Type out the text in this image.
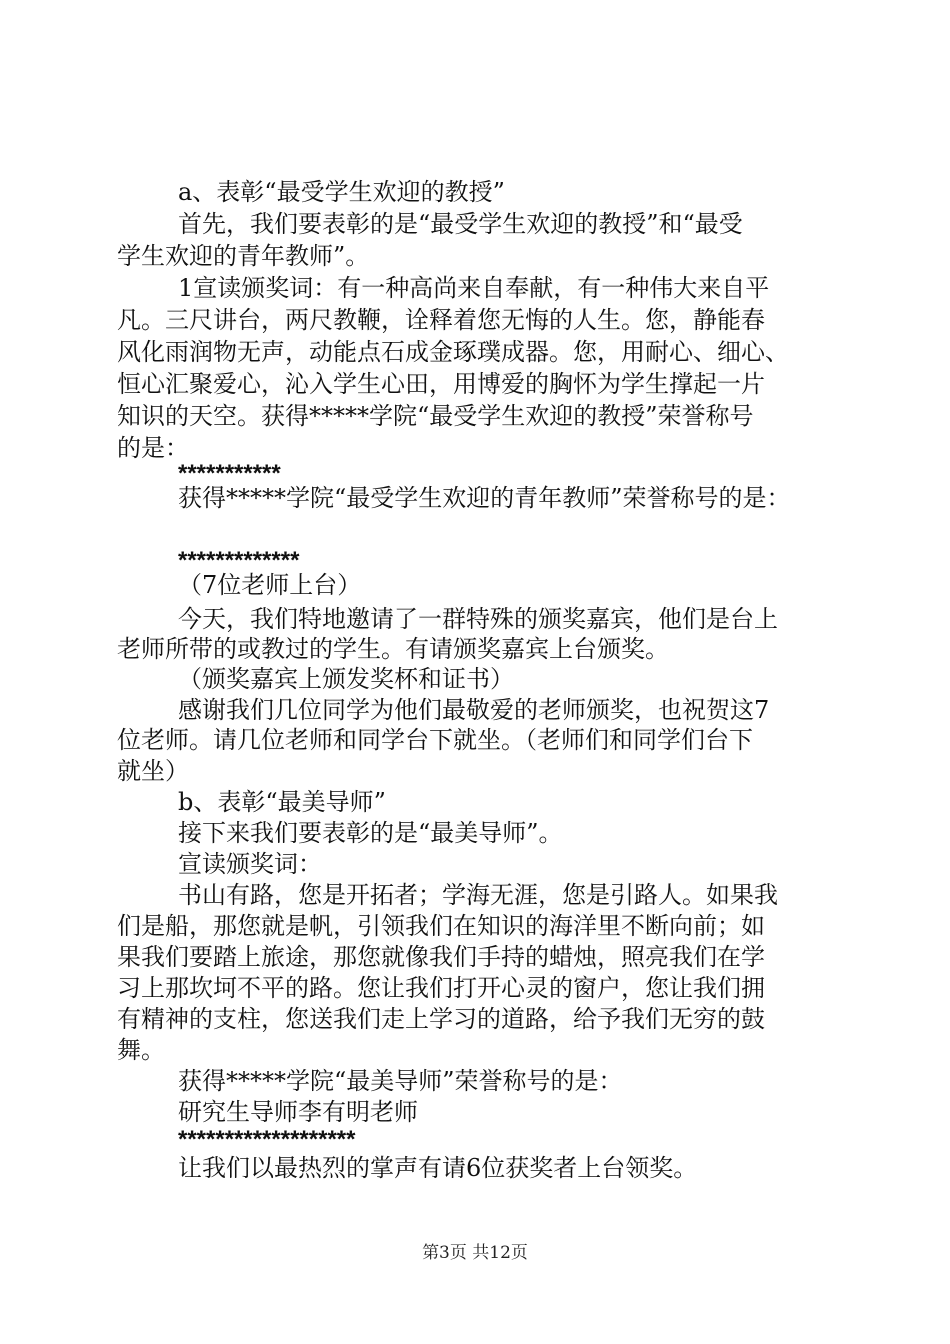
a、表彰“最受学生欢迎的教授”

首先，我们要表彰的是“最受学生欢迎的教授”和“最受

学生欢迎的青年教师”。

1宣读颁奖词：有一种高尚来自奉献，有一种伟大来自平

凡。三尺讲台，两尺教鞭，诠释着您无悔的人生。您，静能春

风化雨润物无声，动能点石成金琢璞成器。您，用耐心、细心、

恒心汇聚爱心，沁入学生心田，用博爱的胸怀为学生撑起一片

知识的天空。获得*****学院“最受学生欢迎的教授”荣誉称号

的是：

***********

获得*****学院“最受学生欢迎的青年教师”荣誉称号的是：

*************

（7位老师上台）

今天，我们特地邀请了一群特殊的颁奖嘉宾，他们是台上

老师所带的或教过的学生。有请颁奖嘉宾上台颁奖。

（颁奖嘉宾上颁发奖杯和证书）

感谢我们几位同学为他们最敬爱的老师颁奖，也祝贺这7

位老师。请几位老师和同学台下就坐。（老师们和同学们台下

就坐）

b、表彰“最美导师”

接下来我们要表彰的是“最美导师”。

宣读颁奖词：

书山有路，您是开拓者；学海无涯，您是引路人。如果我

们是船，那您就是帆，引领我们在知识的海洋里不断向前；如

果我们要踏上旅途，那您就像我们手持的蜡烛，照亮我们在学

习上那坎坷不平的路。您让我们打开心灵的窗户，您让我们拥

有精神的支柱，您送我们走上学习的道路，给予我们无穷的鼓

舞。

获得*****学院“最美导师”荣誉称号的是：

研究生导师李有明老师

*******************

让我们以最热烈的掌声有请6位获奖者上台领奖。

第3页 共12页
